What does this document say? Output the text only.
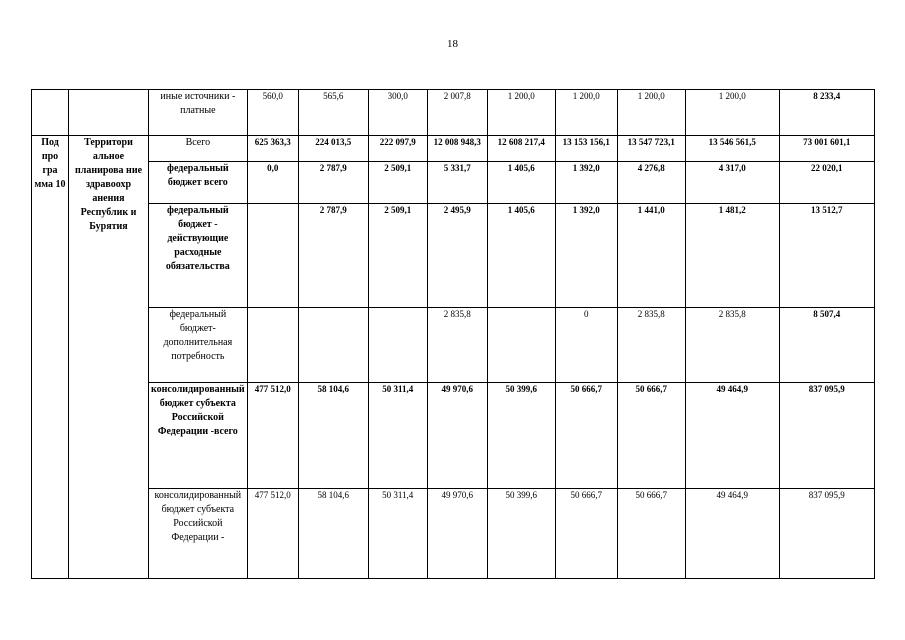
18
		иные источники - платные	560,0	565,6	300,0	2 007,8	1 200,0	1 200,0	1 200,0	1 200,0	8 233,4
Под про гра мма 10	Территори альное планирова ние здравоохр анения Республик и Бурятия	Всего	625 363,3	224 013,5	222 097,9	12 008 948,3	12 608 217,4	13 153 156,1	13 547 723,1	13 546 561,5	73 001 601,1
		федеральный бюджет всего	0,0	2 787,9	2 509,1	5 331,7	1 405,6	1 392,0	4 276,8	4 317,0	22 020,1
		федеральный бюджет - действующие расходные обязательства		2 787,9	2 509,1	2 495,9	1 405,6	1 392,0	1 441,0	1 481,2	13 512,7
		федеральный бюджет-дополнительная потребность				2 835,8		0	2 835,8	2 835,8	8 507,4
		консолидированный бюджет субъекта Российской Федерации -всего	477 512,0	58 104,6	50 311,4	49 970,6	50 399,6	50 666,7	50 666,7	49 464,9	837 095,9
		консолидированный бюджет субъекта Российской Федерации -	477 512,0	58 104,6	50 311,4	49 970,6	50 399,6	50 666,7	50 666,7	49 464,9	837 095,9
